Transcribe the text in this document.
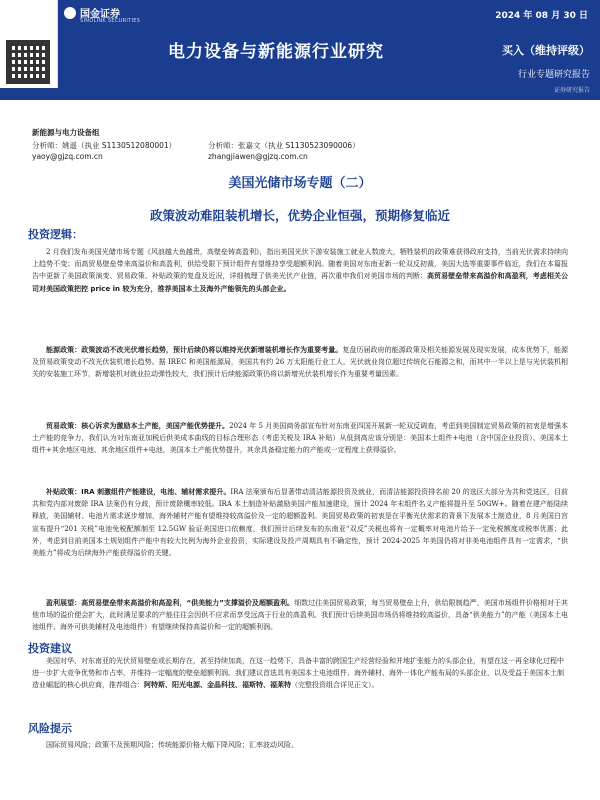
国金证券
SINOLINK SECURITIES	2024 年 08 月 30 日
电力设备与新能源行业研究	买入（维持评级）
行业专题研究报告
证券研究报告
新能源与电力设备组
分析师：姚遥（执业 S1130512080001）
yaoy@gjzq.com.cn
分析师：张嘉文（执业 S1130523090006）
zhangjiawen@gjzq.com.cn
美国光储市场专题（二）
政策波动难阻装机增长，优势企业恒强，预期修复临近
投资逻辑：
2 月我们发布美国光储市场专题《风浪越大鱼越贵，高壁垒铸高盈利》，指出美国光伏下游安装施工就业人数庞大，牺牲装机的政策难获得政府支持，当前光伏需求持续向上趋势不变；而高贸易壁垒带来高溢价和高盈利，供给受限下预计组件有望维持享受超额利润。随着美国对东南亚新一轮双反初裁、美国大选等重要事件临近，我们在本篇报告中更新了美国政策演变、贸易政策、补贴政策的复盘及近况，详细梳理了供美光伏产业链，再次重申我们对美国市场的判断：高贸易壁垒带来高溢价和高盈利，考虑相关公司对美国政策把控 price in 较为充分，推荐美国本土及海外产能领先的头部企业。
能源政策：政策波动不改光伏增长趋势，预计后续仍将以维持光伏新增装机增长作为重要考量。复盘历届政府的能源政策及相关能源发展及现实发展，成本优势下，能源及贸易政策变动不改光伏装机增长趋势。据 IREC 和美国能源局，美国共有约 26 万太阳能行业工人，光伏就业岗位超过传统化石能源之和，而其中一半以上是与光伏装机相关的安装施工环节，新增装机对就业拉动弹性较大，我们预计后续能源政策仍将以新增光伏装机增长作为重要考量因素。
贸易政策：核心诉求为激励本土产能，美国产能优势提升。2024 年 5 月美国商务部宣布针对东南亚四国开展新一轮双反调查，考虑到美国制定贸易政策的初衷是增强本土产能的竞争力，我们认为对东南亚加税后供美成本曲线的目标合理形态（考虑关税及 IRA 补贴）从低到高应该分别是：美国本土组件+电池（含中国企业投资）、美国本土组件+其余地区电池、其余地区组件+电池，美国本土产能优势提升，其余具备稳定能力的产能或一定程度上获得溢价。
补贴政策：IRA 刺激组件产能建设，电池、辅材需求提升。IRA 法案颁布后显著带动清洁能源投资及就业，而清洁能源投资排名前 20 的选区大部分为共和党选区，目前共和党内部对废除 IRA 法案仍有分歧，预计废除概率较低。IRA 本土制造补贴激励美国产能加速建设，预计 2024 年末组件名义产能将提升至 50GW+。随着在建产能陆续释放，美国辅材、电池片需求逐步增加，海外辅材产能有望维持较高溢价及一定的超额盈利。美国贸易政策的初衷是在平衡光伏需求的背景下发展本土制造业，8 月美国白宫宣布提升“201 关税”电池免税配额制至 12.5GW 验证美国进口依赖度，我们预计后续发布的东南亚“双反”关税也将有一定概率对电池片给予一定免税额度或税率优惠；此外，考虑到目前美国本土规划组件产能中有较大比例为海外企业投资，实际建设及投产周期具有不确定性，预计 2024-2025 年美国仍将对非美电池组件具有一定需求，“供美能力”将成为后续海外产能获得溢价的关键。
盈利展望：高贸易壁垒带来高溢价和高盈利，“供美能力”支撑溢价及超额盈利。细数过往美国贸易政策，每当贸易壁垒上升，供给限制趋严，美国市场组件价格相对于其他市场的溢价便会扩大，此时满足要求的产能往往会因供不应求而享受远高于行业的高盈利。我们预计后续美国市场仍将维持较高溢价，具备“供美能力”的产能（美国本土电池组件、海外可供美辅材及电池组件）有望继续保持高溢价和一定的超额利润。
投资建议
美国对华、对东南亚的光伏贸易壁垒或长期存在，甚至持续加高，在这一趋势下，具备丰富的跨国生产经营经验和并地扩张能力的头部企业，有望在这一再全球化过程中进一步扩大竞争优势和市占率，并维持一定幅度的壁垒超额利润。我们建议首选具有美国本土电池组件、海外辅材、海外一体化产能布局的头部企业，以及受益于美国本土制造业崛起的核心供应商，推荐组合：阿特斯、阳光电源、金晶科技、福斯特、福莱特（完整投资组合详见正文）。
风险提示
国际贸易风险；政策不及预期风险；传统能源价格大幅下降风险；汇率波动风险。
